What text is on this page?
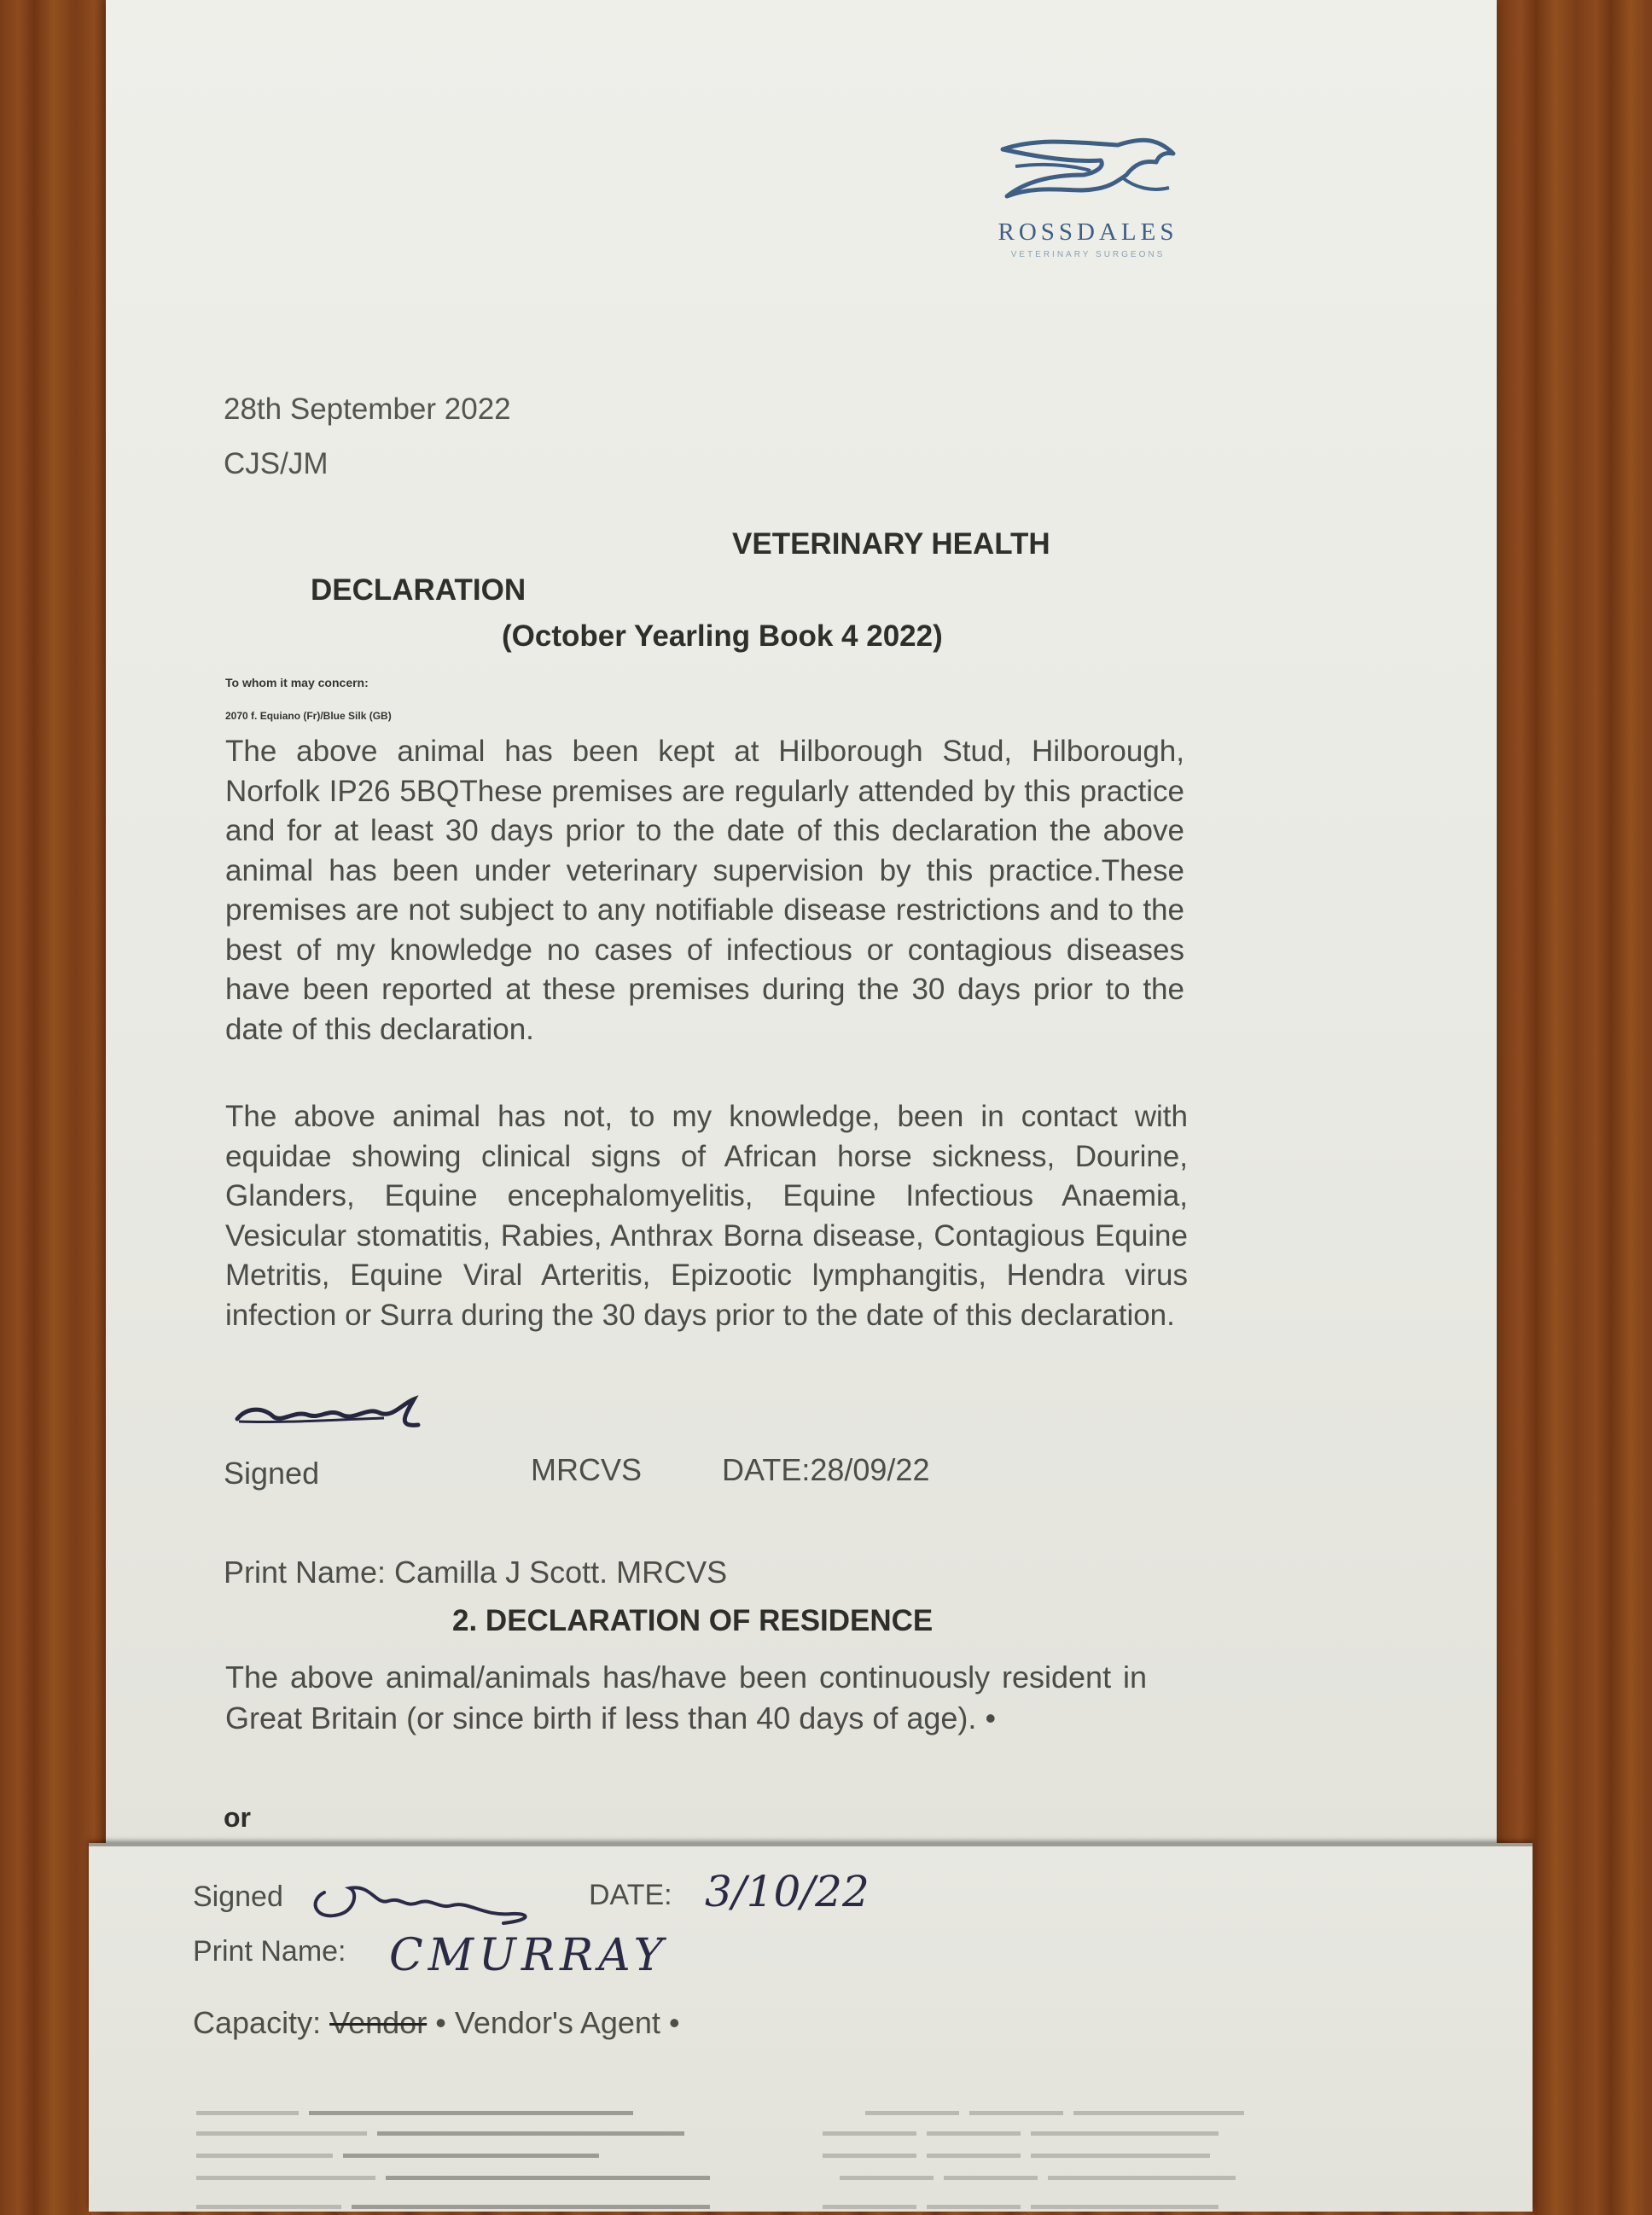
ROSSDALES
VETERINARY SURGEONS
28th September 2022
CJS/JM
VETERINARY HEALTH
DECLARATION
(October Yearling Book 4 2022)
To whom it may concern:
2070 f. Equiano (Fr)/Blue Silk (GB)
The above animal has been kept at Hilborough Stud, Hilborough, Norfolk IP26 5BQThese premises are regularly attended by this practice and for at least 30 days prior to the date of this declaration the above animal has been under veterinary supervision by this practice.These premises are not subject to any notifiable disease restrictions and to the best of my knowledge no cases of infectious or contagious diseases have been reported at these premises during the 30 days prior to the date of this declaration.
The above animal has not, to my knowledge, been in contact with equidae showing clinical signs of African horse sickness, Dourine, Glanders, Equine encephalomyelitis, Equine Infectious Anaemia, Vesicular stomatitis, Rabies, Anthrax Borna disease, Contagious Equine Metritis, Equine Viral Arteritis, Epizootic lymphangitis, Hendra virus infection or Surra during the 30 days prior to the date of this declaration.
Signed	MRCVS	DATE:28/09/22
Print Name: Camilla J Scott. MRCVS
2. DECLARATION OF RESIDENCE
The above animal/animals has/have been continuously resident in Great Britain (or since birth if less than 40 days of age). •
or
Signed	DATE: 3/10/22
Print Name: CMURRAY
Capacity: Vendor • Vendor's Agent •
